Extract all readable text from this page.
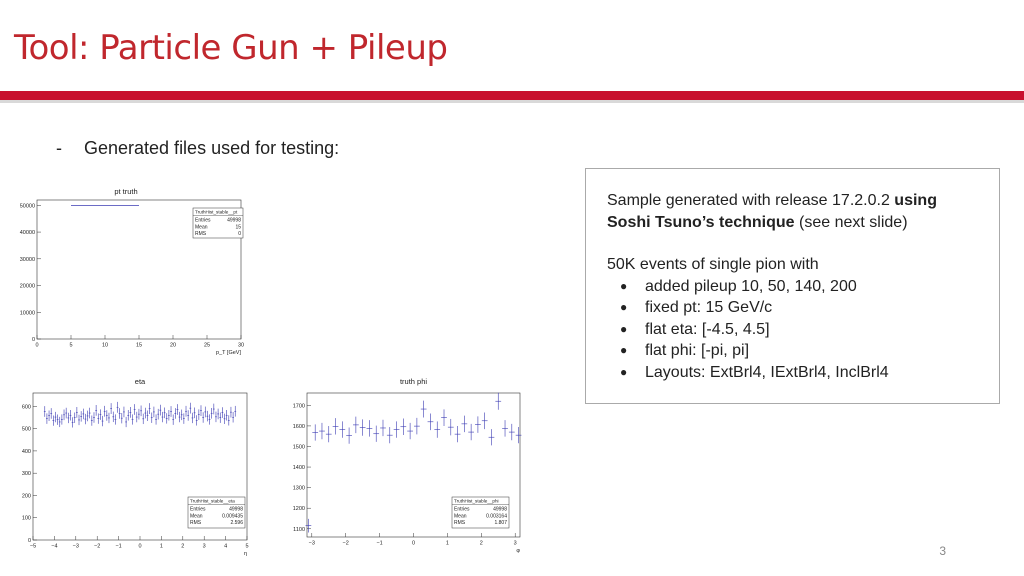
Tool: Particle Gun + Pileup
- Generated files used for testing:

Sample generated with release 17.2.0.2 using Soshi Tsuno’s technique (see next slide)

50K events of single pion with

● added pileup 10, 50, 140, 200
● fixed pt: 15 GeV/c
● flat eta: [-4.5, 4.5]
● flat phi: [-pi, pi]
● Layouts: ExtBrl4, IExtBrl4, InclBrl4
pt truth
0	5	10	15	20	25	30
0
10000
20000
30000
40000
50000
p_T [GeV]
TruthHist_stable__pt
Entries	49998
Mean	15
RMS	0
eta
−5	−4	−3	−2	−1	0	1	2	3	4	5
0
100
200
300
400
500
600
η
TruthHist_stable__eta
Entries	49998
Mean	0.009435
RMS	2.596
truth phi
−3	−2	−1	0	1	2	3
1100
1200
1300
1400
1500
1600
1700
φ
TruthHist_stable__phi
Entries	49998
Mean	0.003164
RMS	1.807
3
